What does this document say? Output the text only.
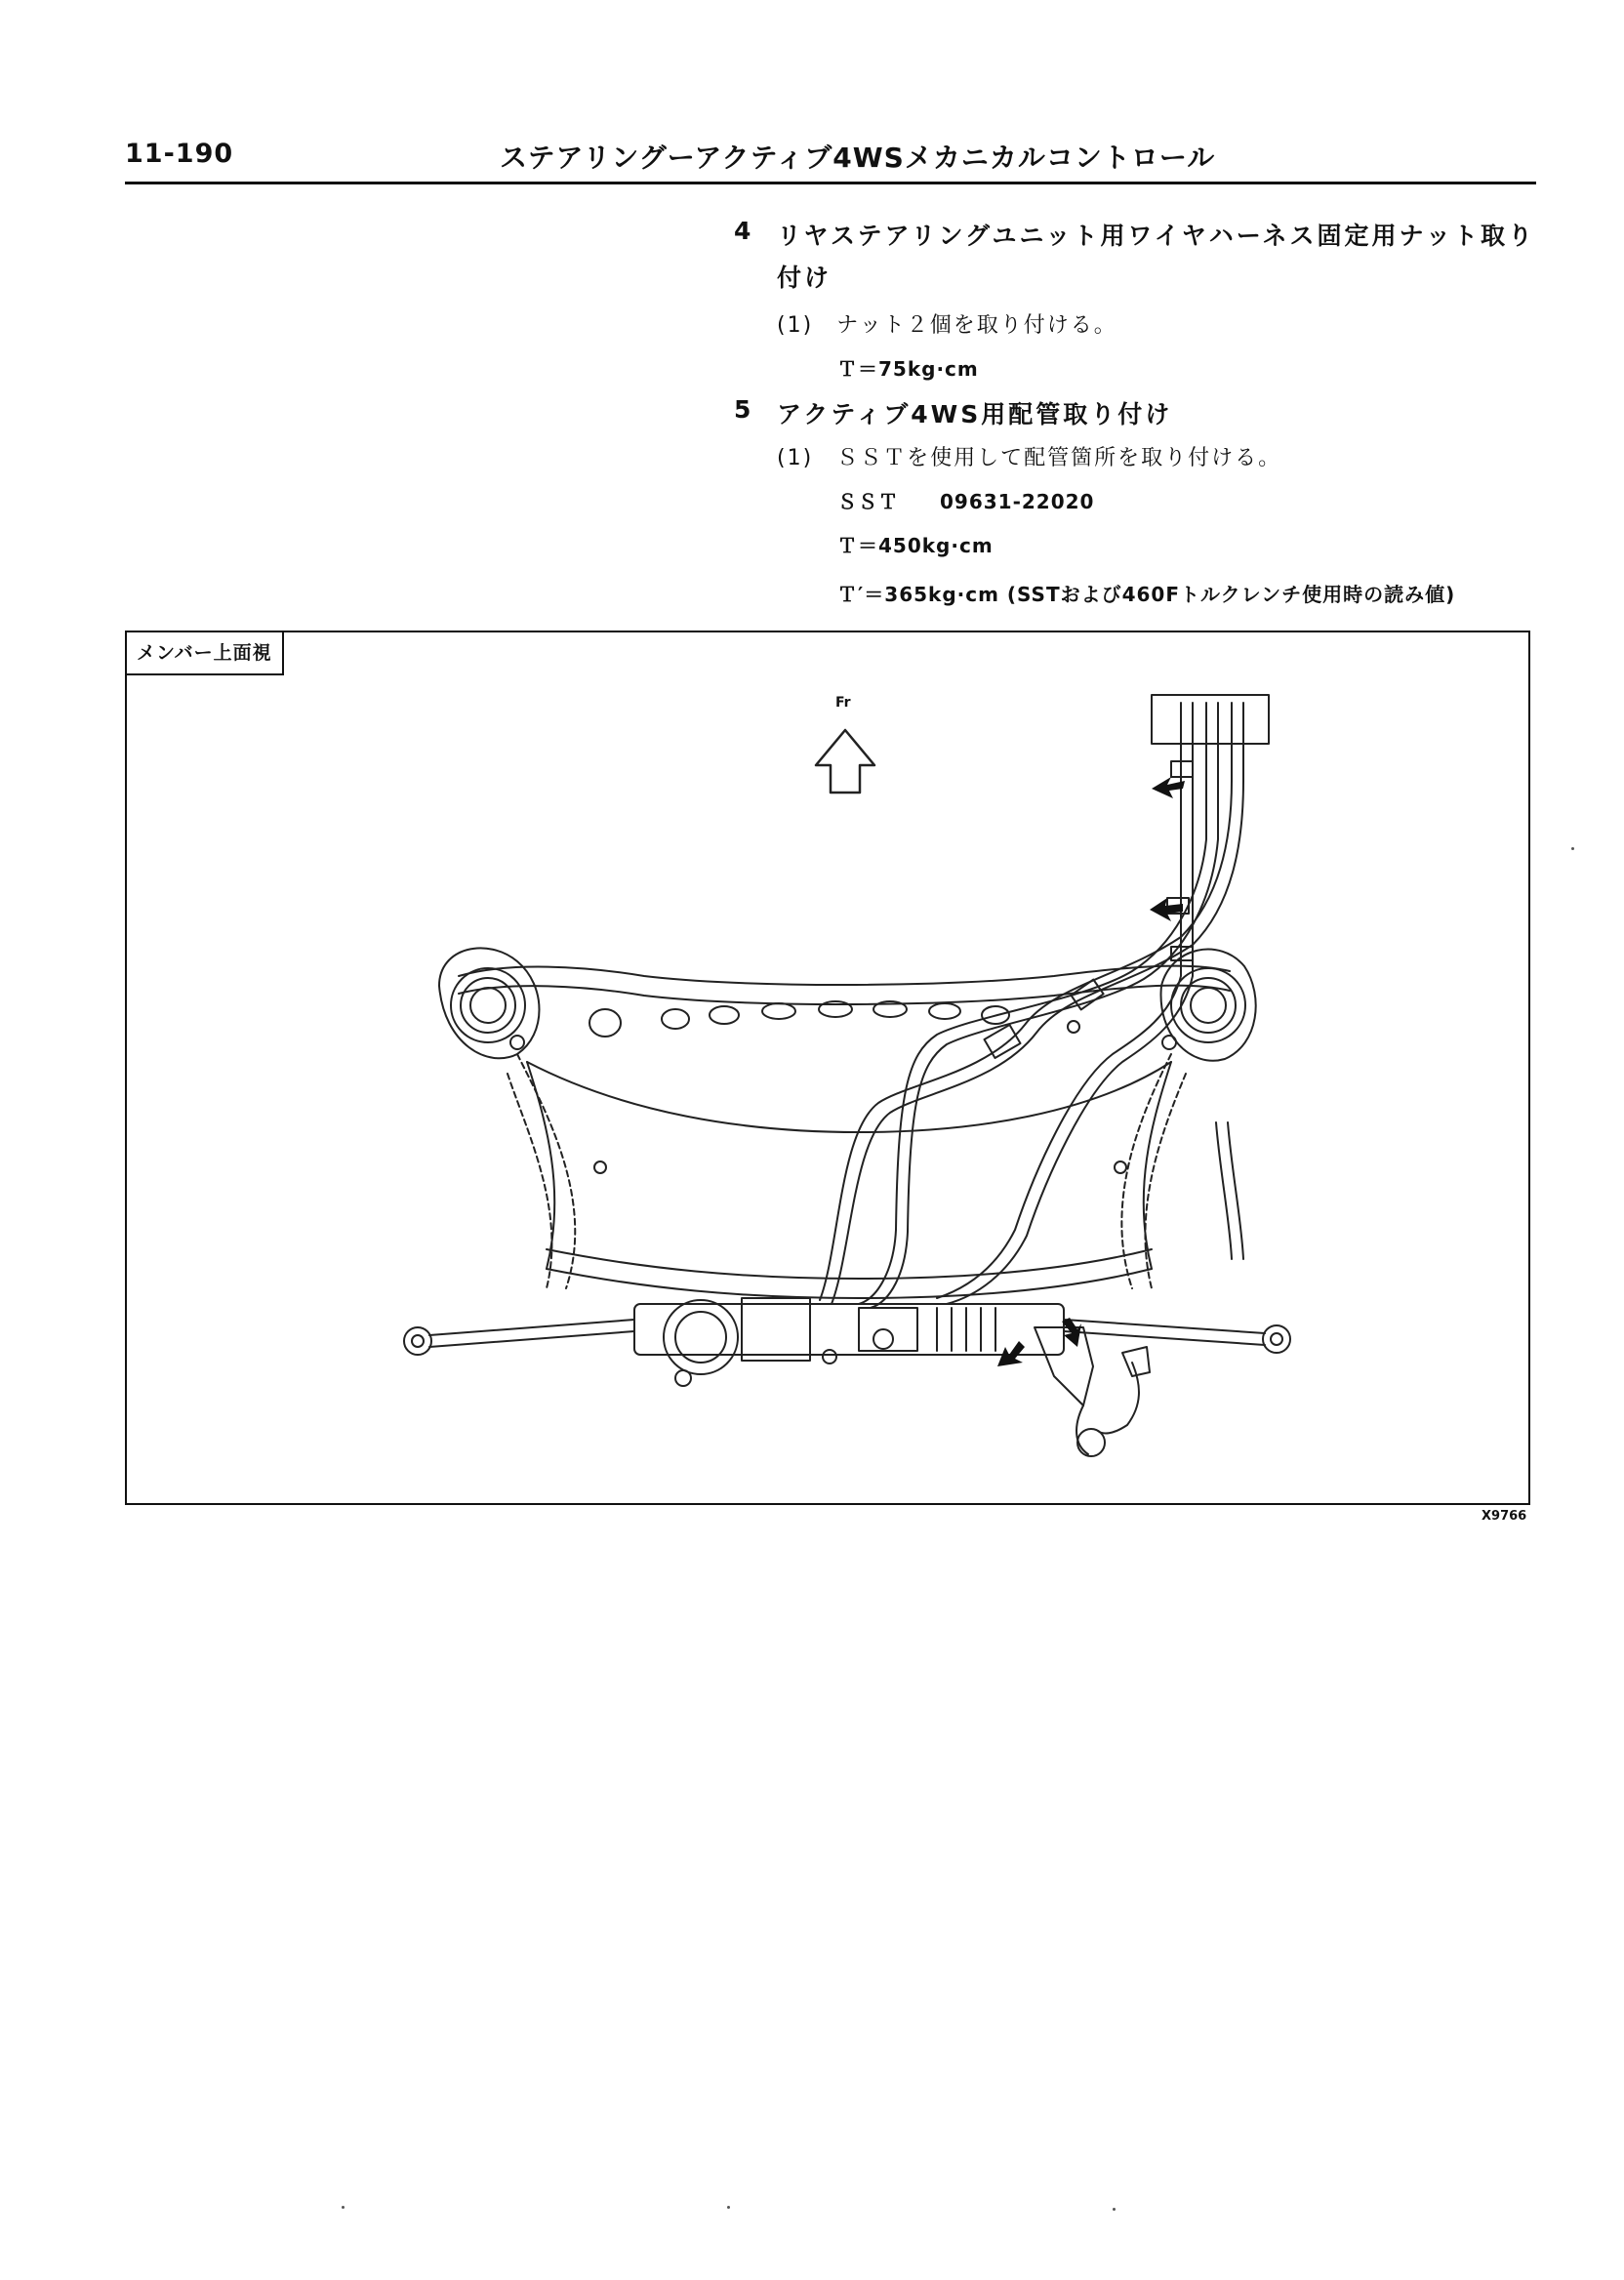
11-190	ステアリングーアクティブ4WSメカニカルコントロール
4 リヤステアリングユニット用ワイヤハーネス固定用ナット取り
付け
(1)　ナット２個を取り付ける。
Ｔ＝75kg·cm
5 アクティブ4WS用配管取り付け
(1)　ＳＳＴを使用して配管箇所を取り付ける。
ＳＳＴ　　09631-22020
Ｔ＝450kg·cm
Ｔ′＝365kg·cm (SSTおよび460Fトルクレンチ使用時の読み値)
メンバー上面視
Fr
X9766
